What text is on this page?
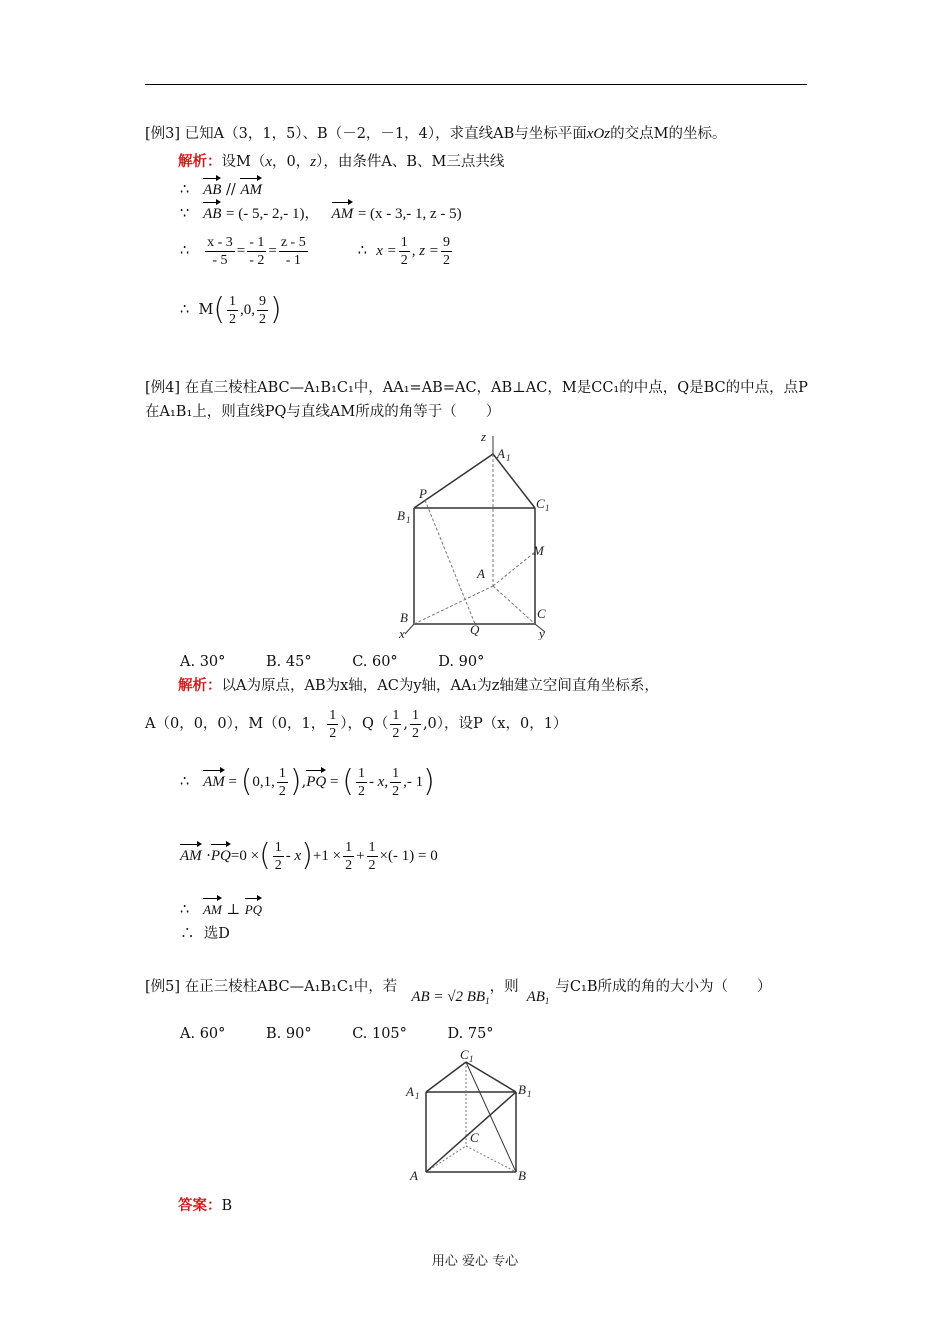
[例3] 已知A（3，1，5）、B（－2，－1，4），求直线AB与坐标平面xOz的交点M的坐标。
解析：设M（x，0，z），由条件A、B、M三点共线
∴ AB // AM
∵ AB = (- 5,- 2,- 1)， AM = (x - 3,- 1, z - 5)
∴
$\frac{x - 3}{- 5} = \frac{- 1}{- 2} = \frac{z - 5}{- 1}$	∴
$x = \frac{1}{2}$ , $z = \frac{9}{2}$
∴
M ( $\frac{1}{2} ,0$, $\frac{9}{2}$ )
[例4] 在直三棱柱ABC—A₁B₁C₁中，AA₁=AB=AC，AB⊥AC，M是CC₁的中点，Q是BC的中点，点P
在A₁B₁上，则直线PQ与直线AM所成的角等于（　　）
z
A 1
C 1
B 1
P
M
A
B	C
Q
x	y
A. 30°	B. 45°	C. 60°	D. 90°
解析：以A为原点，AB为x轴，AC为y轴，AA₁为z轴建立空间直角坐标系，
A（0，0，0），M（0，1， $\frac{1}{2}$ ），$Q( \frac{1}{2}$ , $\frac{1}{2} ,0$ ），设P（x，0，1）
∴
AM = ( 0,1, $\frac{1}{2}$ ) , PQ = ( $\frac{1}{2}$ - x, $\frac{1}{2}$ ,- 1 )
AM · PQ =0 × ( $\frac{1}{2}$ - x ) $+1 \times \frac{1}{2} + \frac{1}{2}$ ×(- 1) = 0
∴ AM ⊥ PQ
∴ 选D
[例5] 在正三棱柱ABC—A₁B₁C₁中，若
AB = √2 BB 1
，则
AB 1
与C₁B所成的角的大小为（　　）
A. 60°	B. 90°	C. 105°	D. 75°
C 1
A 1	B 1
C
A	B
答案：B
用心 爱心 专心
